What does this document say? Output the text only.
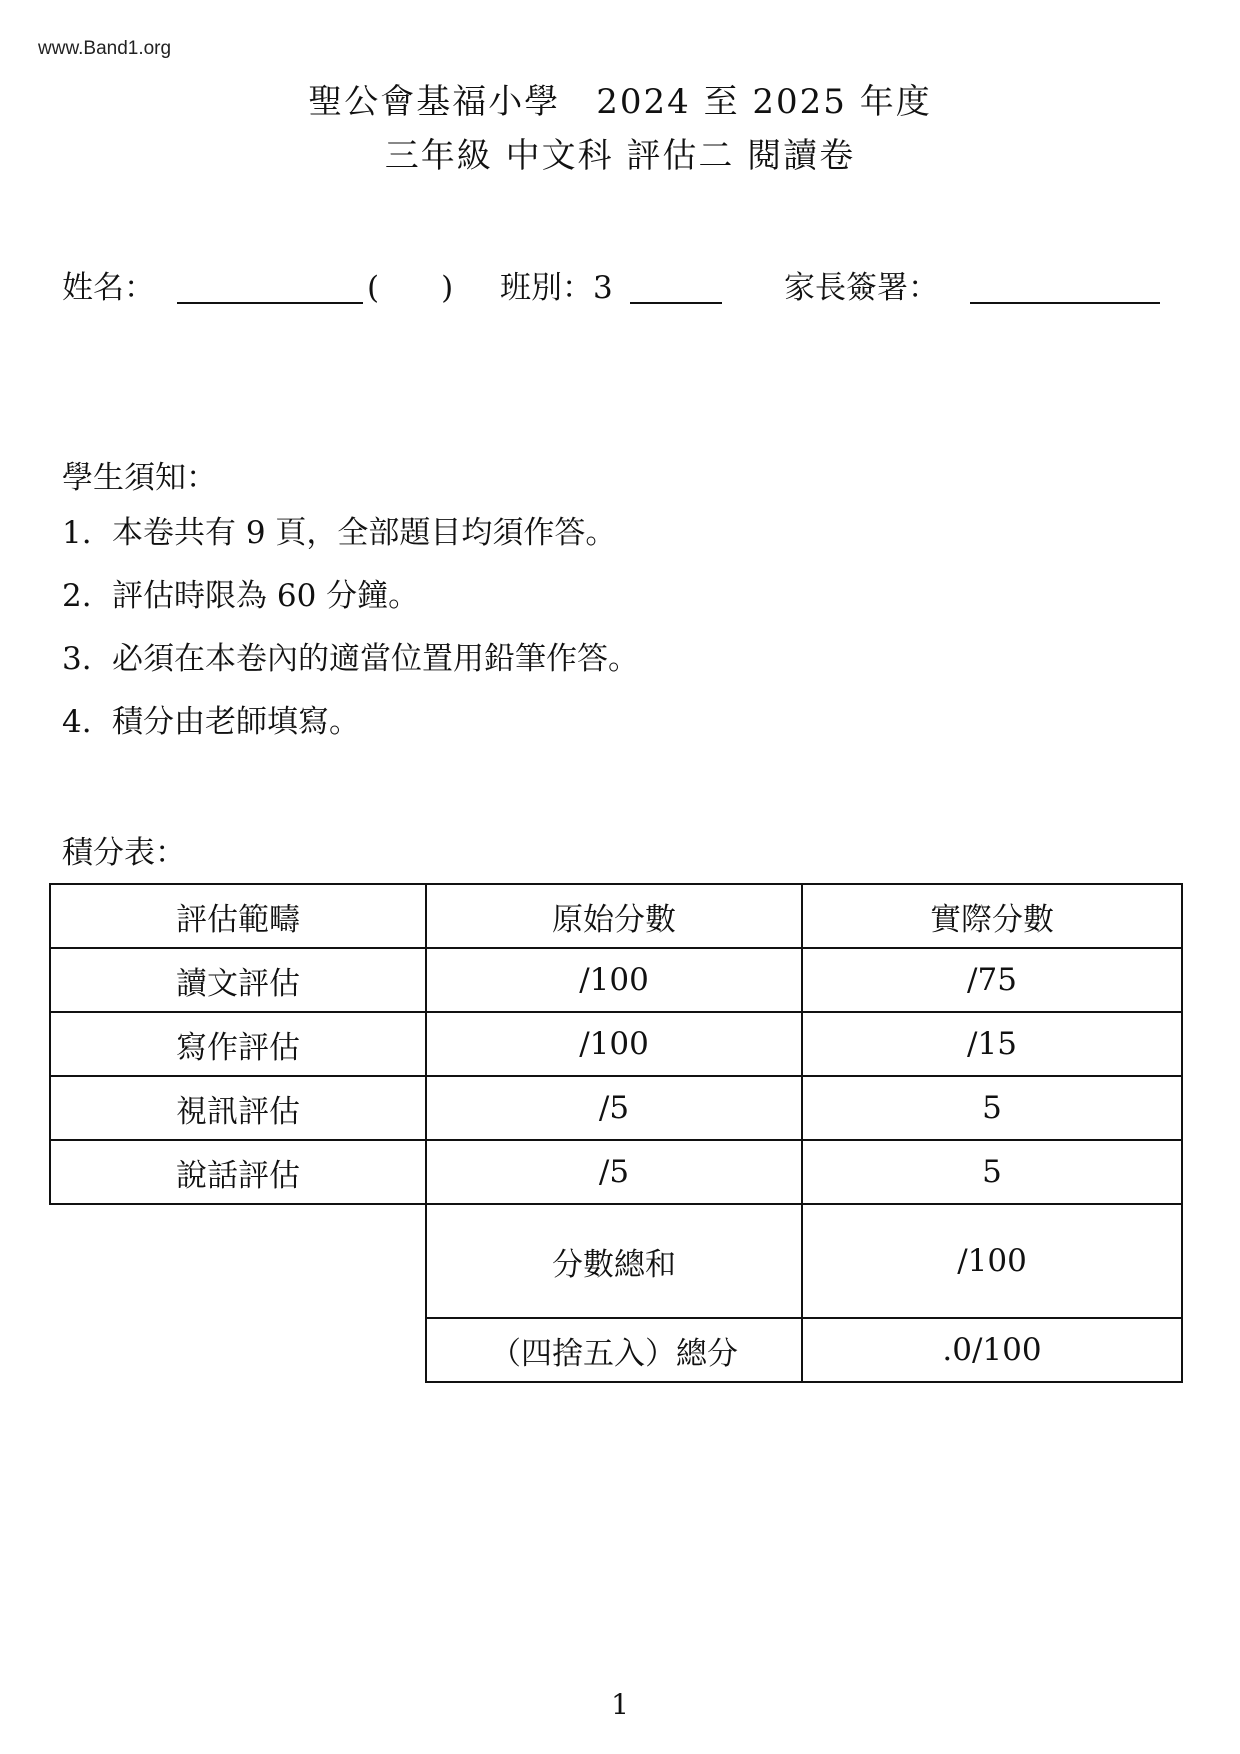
www.Band1.org
聖公會基福小學　2024 至 2025 年度
三年級 中文科 評估二 閱讀卷
姓名：	(　　) 班別：3	家長簽署：
學生須知：
1. 本卷共有 9 頁，全部題目均須作答。
2. 評估時限為 60 分鐘。
3. 必須在本卷內的適當位置用鉛筆作答。
4. 積分由老師填寫。
積分表：
評估範疇	原始分數	實際分數
讀文評估	/100	/75
寫作評估	/100	/15
視訊評估	/5	5
說話評估	/5	5
	分數總和	/100
	（四捨五入）總分	.0/100
1
